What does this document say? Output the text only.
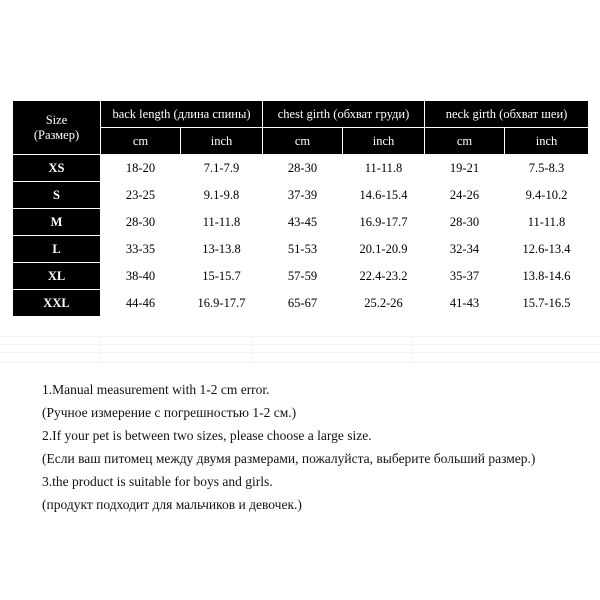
Size
(Размер)	back length (длина спины)		chest girth (обхват груди)		neck girth (обхват шеи)	
	cm	inch	cm	inch	cm	inch
XS	18-20	7.1-7.9	28-30	11-11.8	19-21	7.5-8.3
S	23-25	9.1-9.8	37-39	14.6-15.4	24-26	9.4-10.2
M	28-30	11-11.8	43-45	16.9-17.7	28-30	11-11.8
L	33-35	13-13.8	51-53	20.1-20.9	32-34	12.6-13.4
XL	38-40	15-15.7	57-59	22.4-23.2	35-37	13.8-14.6
XXL	44-46	16.9-17.7	65-67	25.2-26	41-43	15.7-16.5
1.Manual measurement with 1-2 cm error.
(Ручное измерение с погрешностью 1-2 см.)
2.If your pet is between two sizes, please choose a large size.
(Если ваш питомец между двумя размерами, пожалуйста, выберите больший размер.)
3.the product is suitable for boys and girls.
(продукт подходит для мальчиков и девочек.)
